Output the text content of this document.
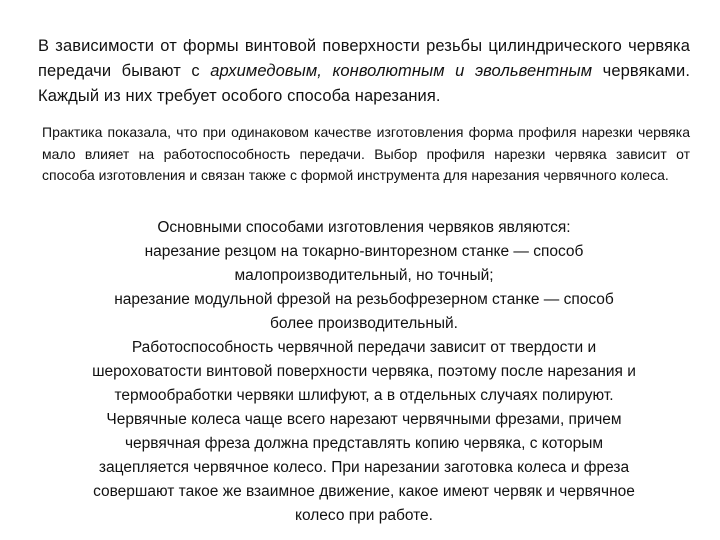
В зависимости от формы винтовой поверхности резьбы цилиндрического червяка передачи бывают с архимедовым, конволютным и эвольвентным червяками. Каждый из них требует особого способа нарезания.
Практика показала, что при одинаковом качестве изготовления форма профиля нарезки червяка мало влияет на работоспособность передачи. Выбор профиля нарезки червяка зависит от способа изготовления и связан также с формой инструмента для нарезания червячного колеса.

Основными способами изготовления червяков являются:

нарезание резцом на токарно-винторезном станке — способ
малопроизводительный, но точный;

нарезание модульной фрезой на резьбофрезерном станке — способ
более производительный.

Работоспособность червячной передачи зависит от твердости и
шероховатости винтовой поверхности червяка, поэтому после нарезания и
термообработки червяки шлифуют, а в отдельных случаях полируют.

Червячные колеса чаще всего нарезают червячными фрезами, причем
червячная фреза должна представлять копию червяка, с которым
зацепляется червячное колесо. При нарезании заготовка колеса и фреза
совершают такое же взаимное движение, какое имеют червяк и червячное
колесо при работе.
